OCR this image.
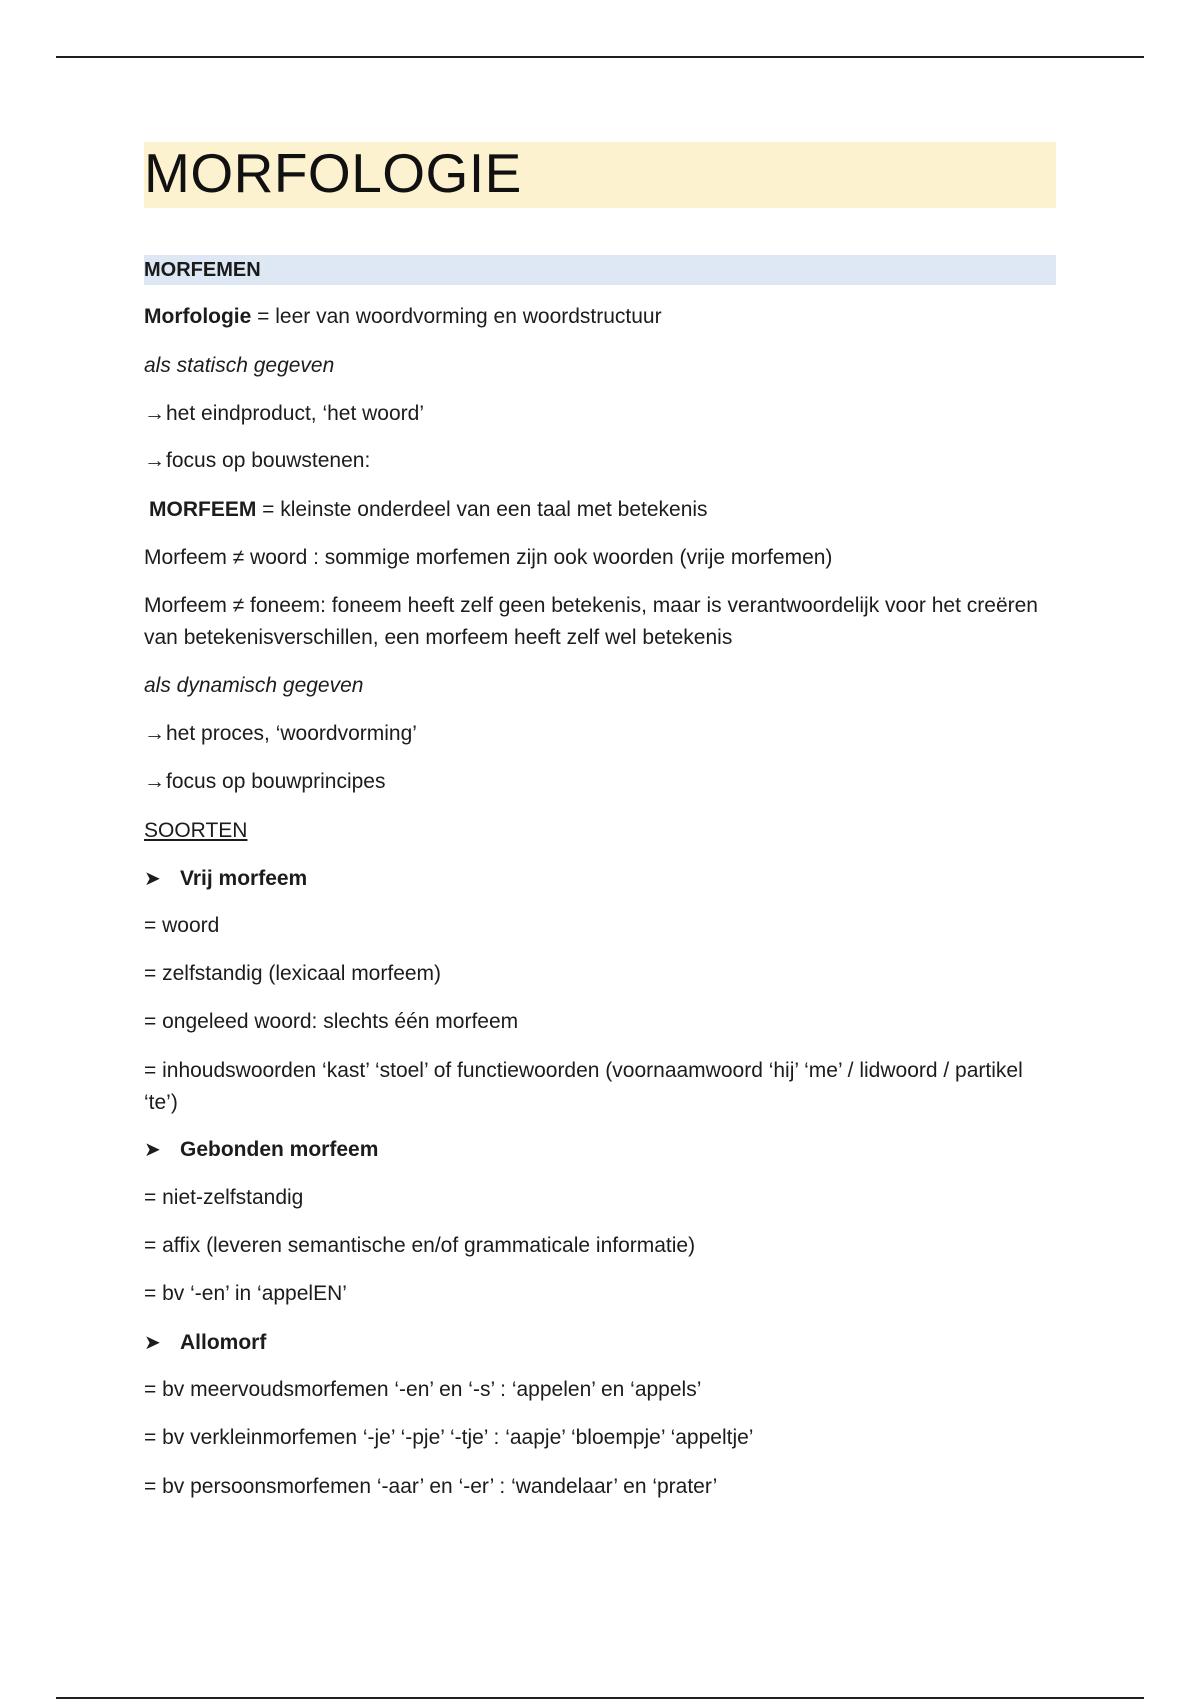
MORFOLOGIE
MORFEMEN
Morfologie = leer van woordvorming en woordstructuur
als statisch gegeven
→het eindproduct, ‘het woord’
→focus op bouwstenen:
MORFEEM = kleinste onderdeel van een taal met betekenis
Morfeem ≠ woord : sommige morfemen zijn ook woorden (vrije morfemen)
Morfeem ≠ foneem: foneem heeft zelf geen betekenis, maar is verantwoordelijk voor het creëren van betekenisverschillen, een morfeem heeft zelf wel betekenis
als dynamisch gegeven
→het proces, ‘woordvorming’
→focus op bouwprincipes
SOORTEN
➤ Vrij morfeem
= woord
= zelfstandig (lexicaal morfeem)
= ongeleed woord: slechts één morfeem
= inhoudswoorden ‘kast’ ‘stoel’ of functiewoorden (voornaamwoord ‘hij’ ‘me’ / lidwoord / partikel ‘te’)
➤ Gebonden morfeem
= niet-zelfstandig
= affix (leveren semantische en/of grammaticale informatie)
= bv ‘-en’ in ‘appelEN’
➤ Allomorf
= bv meervoudsmorfemen ‘-en’ en ‘-s’ : ‘appelen’ en ‘appels’
= bv verkleinmorfemen ‘-je’ ‘-pje’ ‘-tje’ : ‘aapje’ ‘bloempje’ ‘appeltje’
= bv persoonsmorfemen ‘-aar’ en ‘-er’ : ‘wandelaar’ en ‘prater’
